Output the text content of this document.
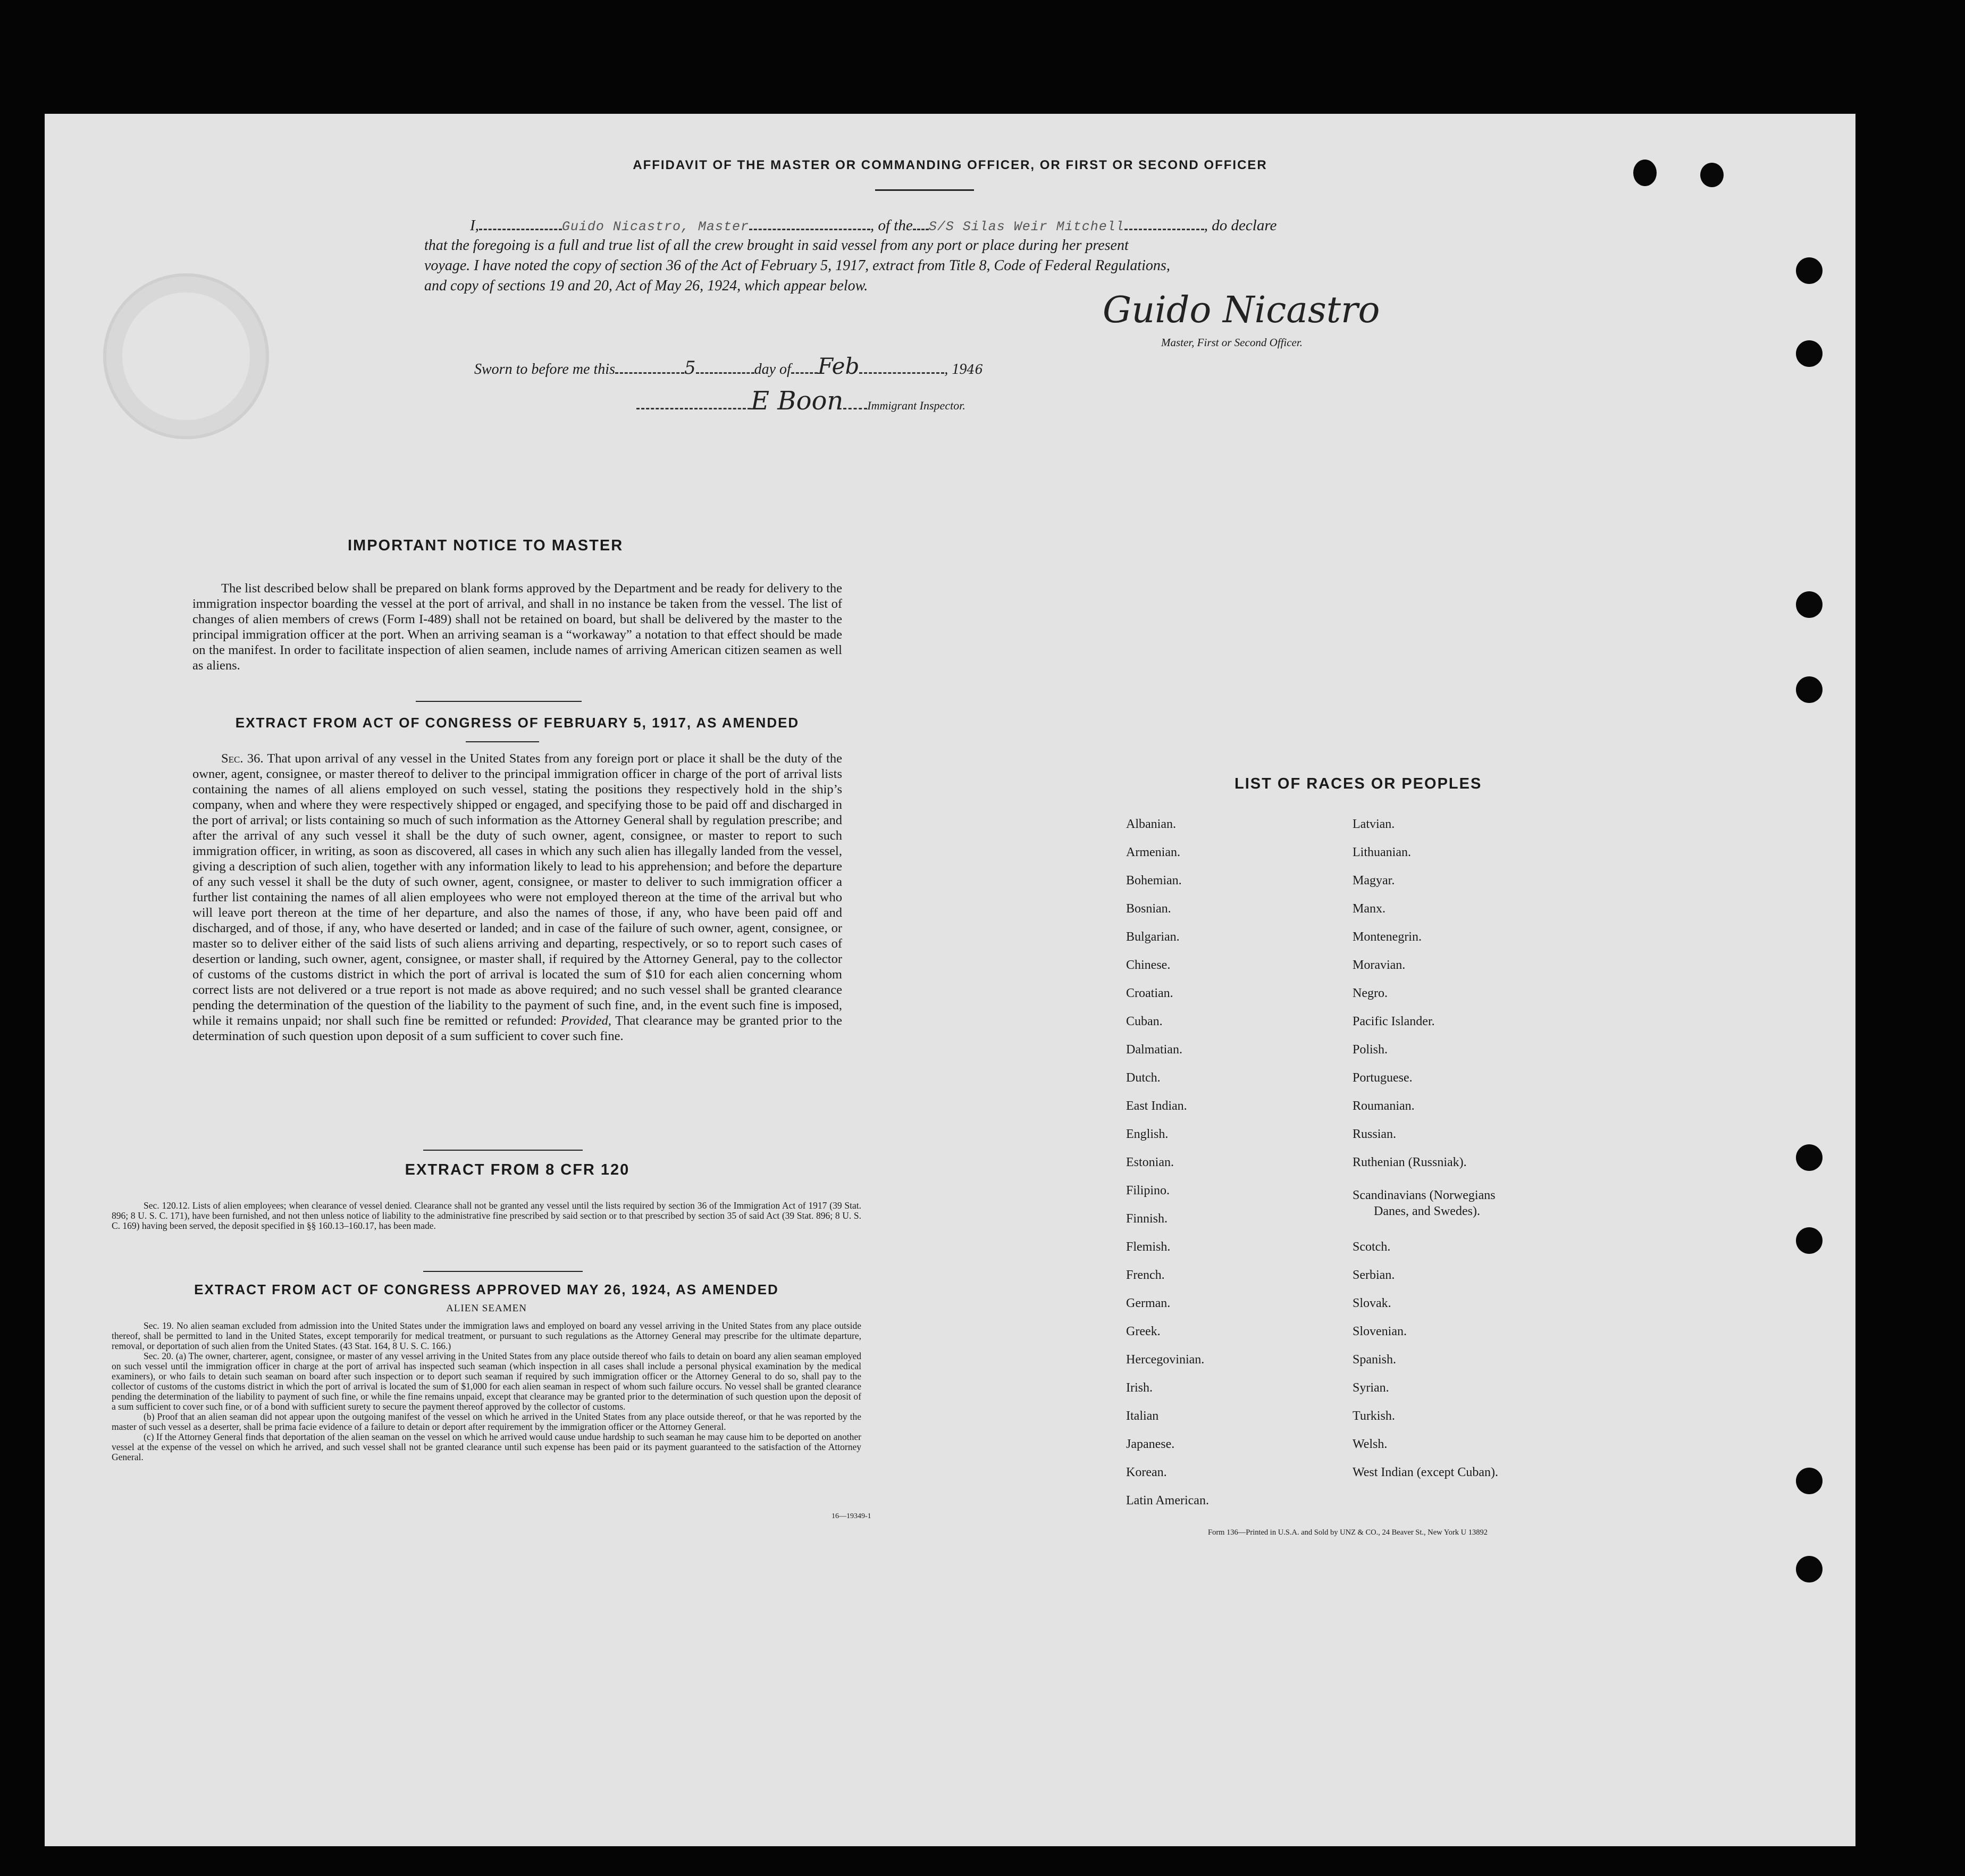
AFFIDAVIT OF THE MASTER OR COMMANDING OFFICER, OR FIRST OR SECOND OFFICER
I,	Guido Nicastro, Master	, of the S/S Silas Weir Mitchell	, do declare
that the foregoing is a full and true list of all the crew brought in said vessel from any port or place during her present
voyage. I have noted the copy of section 36 of the Act of February 5, 1917, extract from Title 8, Code of Federal Regulations,
and copy of sections 19 and 20, Act of May 26, 1924, which appear below.
Guido Nicastro
Master, First or Second Officer.
Sworn to before me this	5	day of Feb	, 1946
E Boon Immigrant Inspector.
IMPORTANT NOTICE TO MASTER
The list described below shall be prepared on blank forms approved by the Department and be ready for delivery to the immigration inspector boarding the vessel at the port of arrival, and shall in no instance be taken from the vessel. The list of changes of alien members of crews (Form I-489) shall not be retained on board, but shall be delivered by the master to the principal immigration officer at the port. When an arriving seaman is a “workaway” a notation to that effect should be made on the manifest. In order to facilitate inspection of alien seamen, include names of arriving American citizen seamen as well as aliens.
EXTRACT FROM ACT OF CONGRESS OF FEBRUARY 5, 1917, AS AMENDED
Sec. 36. That upon arrival of any vessel in the United States from any foreign port or place it shall be the duty of the owner, agent, consignee, or master thereof to deliver to the principal immigration officer in charge of the port of arrival lists containing the names of all aliens employed on such vessel, stating the positions they respectively hold in the ship’s company, when and where they were respectively shipped or engaged, and specifying those to be paid off and discharged in the port of arrival; or lists containing so much of such information as the Attorney General shall by regulation prescribe; and after the arrival of any such vessel it shall be the duty of such owner, agent, consignee, or master to report to such immigration officer, in writing, as soon as discovered, all cases in which any such alien has illegally landed from the vessel, giving a description of such alien, together with any information likely to lead to his apprehension; and before the departure of any such vessel it shall be the duty of such owner, agent, consignee, or master to deliver to such immigration officer a further list containing the names of all alien employees who were not employed thereon at the time of the arrival but who will leave port thereon at the time of her departure, and also the names of those, if any, who have been paid off and discharged, and of those, if any, who have deserted or landed; and in case of the failure of such owner, agent, consignee, or master so to deliver either of the said lists of such aliens arriving and departing, respectively, or so to report such cases of desertion or landing, such owner, agent, consignee, or master shall, if required by the Attorney General, pay to the collector of customs of the customs district in which the port of arrival is located the sum of $10 for each alien concerning whom correct lists are not delivered or a true report is not made as above required; and no such vessel shall be granted clearance pending the determination of the question of the liability to the payment of such fine, and, in the event such fine is imposed, while it remains unpaid; nor shall such fine be remitted or refunded: Provided, That clearance may be granted prior to the determination of such question upon deposit of a sum sufficient to cover such fine.
EXTRACT FROM 8 CFR 120
Sec. 120.12. Lists of alien employees; when clearance of vessel denied. Clearance shall not be granted any vessel until the lists required by section 36 of the Immigration Act of 1917 (39 Stat. 896; 8 U. S. C. 171), have been furnished, and not then unless notice of liability to the administrative fine prescribed by said section or to that prescribed by section 35 of said Act (39 Stat. 896; 8 U. S. C. 169) having been served, the deposit specified in §§ 160.13–160.17, has been made.
EXTRACT FROM ACT OF CONGRESS APPROVED MAY 26, 1924, AS AMENDED
ALIEN SEAMEN
Sec. 19. No alien seaman excluded from admission into the United States under the immigration laws and employed on board any vessel arriving in the United States from any place outside thereof, shall be permitted to land in the United States, except temporarily for medical treatment, or pursuant to such regulations as the Attorney General may prescribe for the ultimate departure, removal, or deportation of such alien from the United States. (43 Stat. 164, 8 U. S. C. 166.)
Sec. 20. (a) The owner, charterer, agent, consignee, or master of any vessel arriving in the United States from any place outside thereof who fails to detain on board any alien seaman employed on such vessel until the immigration officer in charge at the port of arrival has inspected such seaman (which inspection in all cases shall include a personal physical examination by the medical examiners), or who fails to detain such seaman on board after such inspection or to deport such seaman if required by such immigration officer or the Attorney General to do so, shall pay to the collector of customs of the customs district in which the port of arrival is located the sum of $1,000 for each alien seaman in respect of whom such failure occurs. No vessel shall be granted clearance pending the determination of the liability to payment of such fine, or while the fine remains unpaid, except that clearance may be granted prior to the determination of such question upon the deposit of a sum sufficient to cover such fine, or of a bond with sufficient surety to secure the payment thereof approved by the collector of customs.
(b) Proof that an alien seaman did not appear upon the outgoing manifest of the vessel on which he arrived in the United States from any place outside thereof, or that he was reported by the master of such vessel as a deserter, shall be prima facie evidence of a failure to detain or deport after requirement by the immigration officer or the Attorney General.
(c) If the Attorney General finds that deportation of the alien seaman on the vessel on which he arrived would cause undue hardship to such seaman he may cause him to be deported on another vessel at the expense of the vessel on which he arrived, and such vessel shall not be granted clearance until such expense has been paid or its payment guaranteed to the satisfaction of the Attorney General.
16—19349-1
LIST OF RACES OR PEOPLES
Albanian.
Armenian.
Bohemian.
Bosnian.
Bulgarian.
Chinese.
Croatian.
Cuban.
Dalmatian.
Dutch.
East Indian.
English.
Estonian.
Filipino.
Finnish.
Flemish.
French.
German.
Greek.
Hercegovinian.
Irish.
Italian
Japanese.
Korean.
Latin American.
Latvian.
Lithuanian.
Magyar.
Manx.
Montenegrin.
Moravian.
Negro.
Pacific Islander.
Polish.
Portuguese.
Roumanian.
Russian.
Ruthenian (Russniak).
Scandinavians (Norwegians
Danes, and Swedes).
Scotch.
Serbian.
Slovak.
Slovenian.
Spanish.
Syrian.
Turkish.
Welsh.
West Indian (except Cuban).
Form 136—Printed in U.S.A. and Sold by UNZ & CO., 24 Beaver St., New York U 13892
